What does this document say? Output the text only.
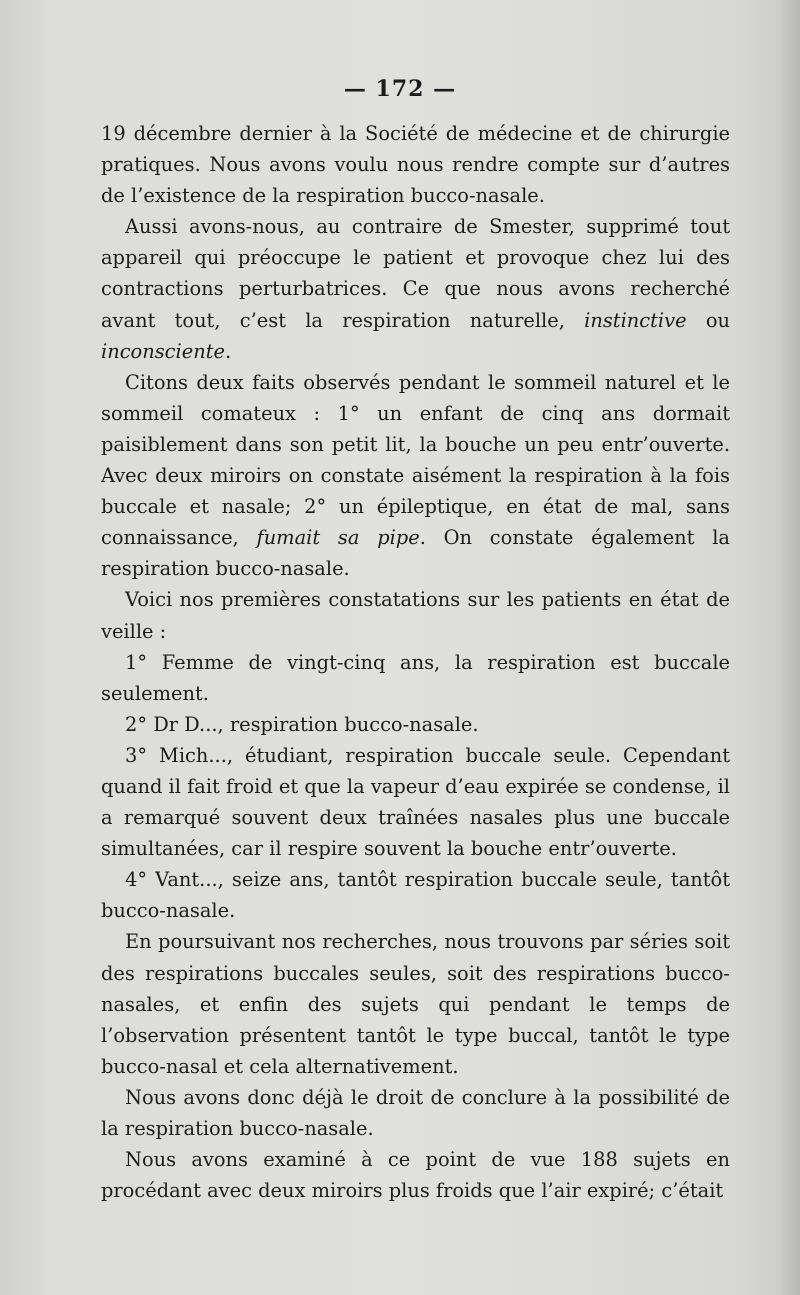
— 172 —

19 décembre dernier à la Société de médecine et de chirurgie pratiques. Nous avons voulu nous rendre compte sur d’autres de l’existence de la respiration bucco-nasale.

Aussi avons-nous, au contraire de Smester, supprimé tout appareil qui préoccupe le patient et provoque chez lui des contractions perturbatrices. Ce que nous avons recherché avant tout, c’est la respiration naturelle, instinctive ou inconsciente.

Citons deux faits observés pendant le sommeil naturel et le sommeil comateux : 1° un enfant de cinq ans dormait paisiblement dans son petit lit, la bouche un peu entr’ouverte. Avec deux miroirs on constate aisément la respiration à la fois buccale et nasale; 2° un épileptique, en état de mal, sans connaissance, fumait sa pipe. On constate également la respiration bucco-nasale.

Voici nos premières constatations sur les patients en état de veille :

1° Femme de vingt-cinq ans, la respiration est buccale seulement.

2° Dr D..., respiration bucco-nasale.

3° Mich..., étudiant, respiration buccale seule. Cependant quand il fait froid et que la vapeur d’eau expirée se condense, il a remarqué souvent deux traînées nasales plus une buccale simultanées, car il respire souvent la bouche entr’ouverte.

4° Vant..., seize ans, tantôt respiration buccale seule, tantôt bucco-nasale.

En poursuivant nos recherches, nous trouvons par séries soit des respirations buccales seules, soit des respirations bucco-nasales, et enfin des sujets qui pendant le temps de l’observation présentent tantôt le type buccal, tantôt le type bucco-nasal et cela alternativement.

Nous avons donc déjà le droit de conclure à la possibilité de la respiration bucco-nasale.

Nous avons examiné à ce point de vue 188 sujets en procédant avec deux miroirs plus froids que l’air expiré; c’était
